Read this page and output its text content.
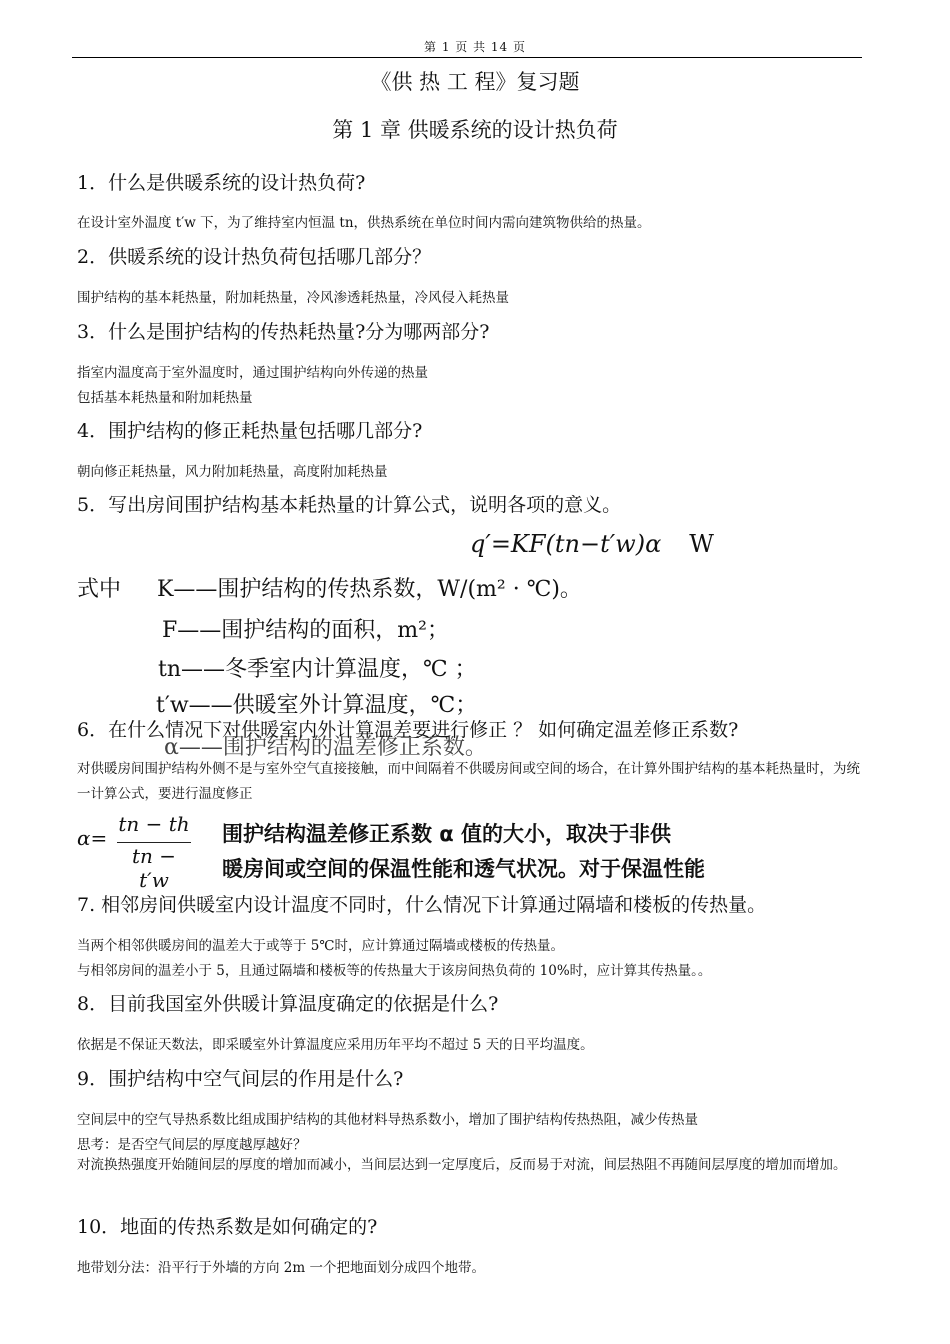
第 1 页 共 14 页
《供 热 工 程》复习题
第 1 章 供暖系统的设计热负荷
1．什么是供暖系统的设计热负荷?
在设计室外温度 t′w 下，为了维持室内恒温 tn，供热系统在单位时间内需向建筑物供给的热量。
2．供暖系统的设计热负荷包括哪几部分？
围护结构的基本耗热量，附加耗热量，冷风渗透耗热量，冷风侵入耗热量
3．什么是围护结构的传热耗热量?分为哪两部分?
指室内温度高于室外温度时，通过围护结构向外传递的热量
包括基本耗热量和附加耗热量
4．围护结构的修正耗热量包括哪几部分?
朝向修正耗热量，风力附加耗热量，高度附加耗热量
5．写出房间围护结构基本耗热量的计算公式，说明各项的意义。
q′=KF(tn−t′w)α W
式中 K——围护结构的传热系数，W/(m² · ℃)。
F——围护结构的面积，m²；
tn——冬季室内计算温度，℃ ；
t′w——供暖室外计算温度，℃；
α——围护结构的温差修正系数。
6．在什么情况下对供暖室内外计算温差要进行修正 ？ 如何确定温差修正系数?
对供暖房间围护结构外侧不是与室外空气直接接触，而中间隔着不供暖房间或空间的场合，在计算外围护结构的基本耗热量时，为统一计算公式，要进行温度修正
α=
tn − th
tn − t′w
围护结构温差修正系数 α 值的大小，取决于非供
暖房间或空间的保温性能和透气状况。对于保温性能
7. 相邻房间供暖室内设计温度不同时，什么情况下计算通过隔墙和楼板的传热量。
当两个相邻供暖房间的温差大于或等于 5℃时，应计算通过隔墙或楼板的传热量。
与相邻房间的温差小于 5，且通过隔墙和楼板等的传热量大于该房间热负荷的 10%时，应计算其传热量。。
8．目前我国室外供暖计算温度确定的依据是什么?
依据是不保证天数法，即采暖室外计算温度应采用历年平均不超过 5 天的日平均温度。
9．围护结构中空气间层的作用是什么?
空间层中的空气导热系数比组成围护结构的其他材料导热系数小，增加了围护结构传热热阻，减少传热量
思考：是否空气间层的厚度越厚越好？
对流换热强度开始随间层的厚度的增加而减小，当间层达到一定厚度后，反而易于对流，间层热阻不再随间层厚度的增加而增加。
10．地面的传热系数是如何确定的?
地带划分法：沿平行于外墙的方向 2m 一个把地面划分成四个地带。
